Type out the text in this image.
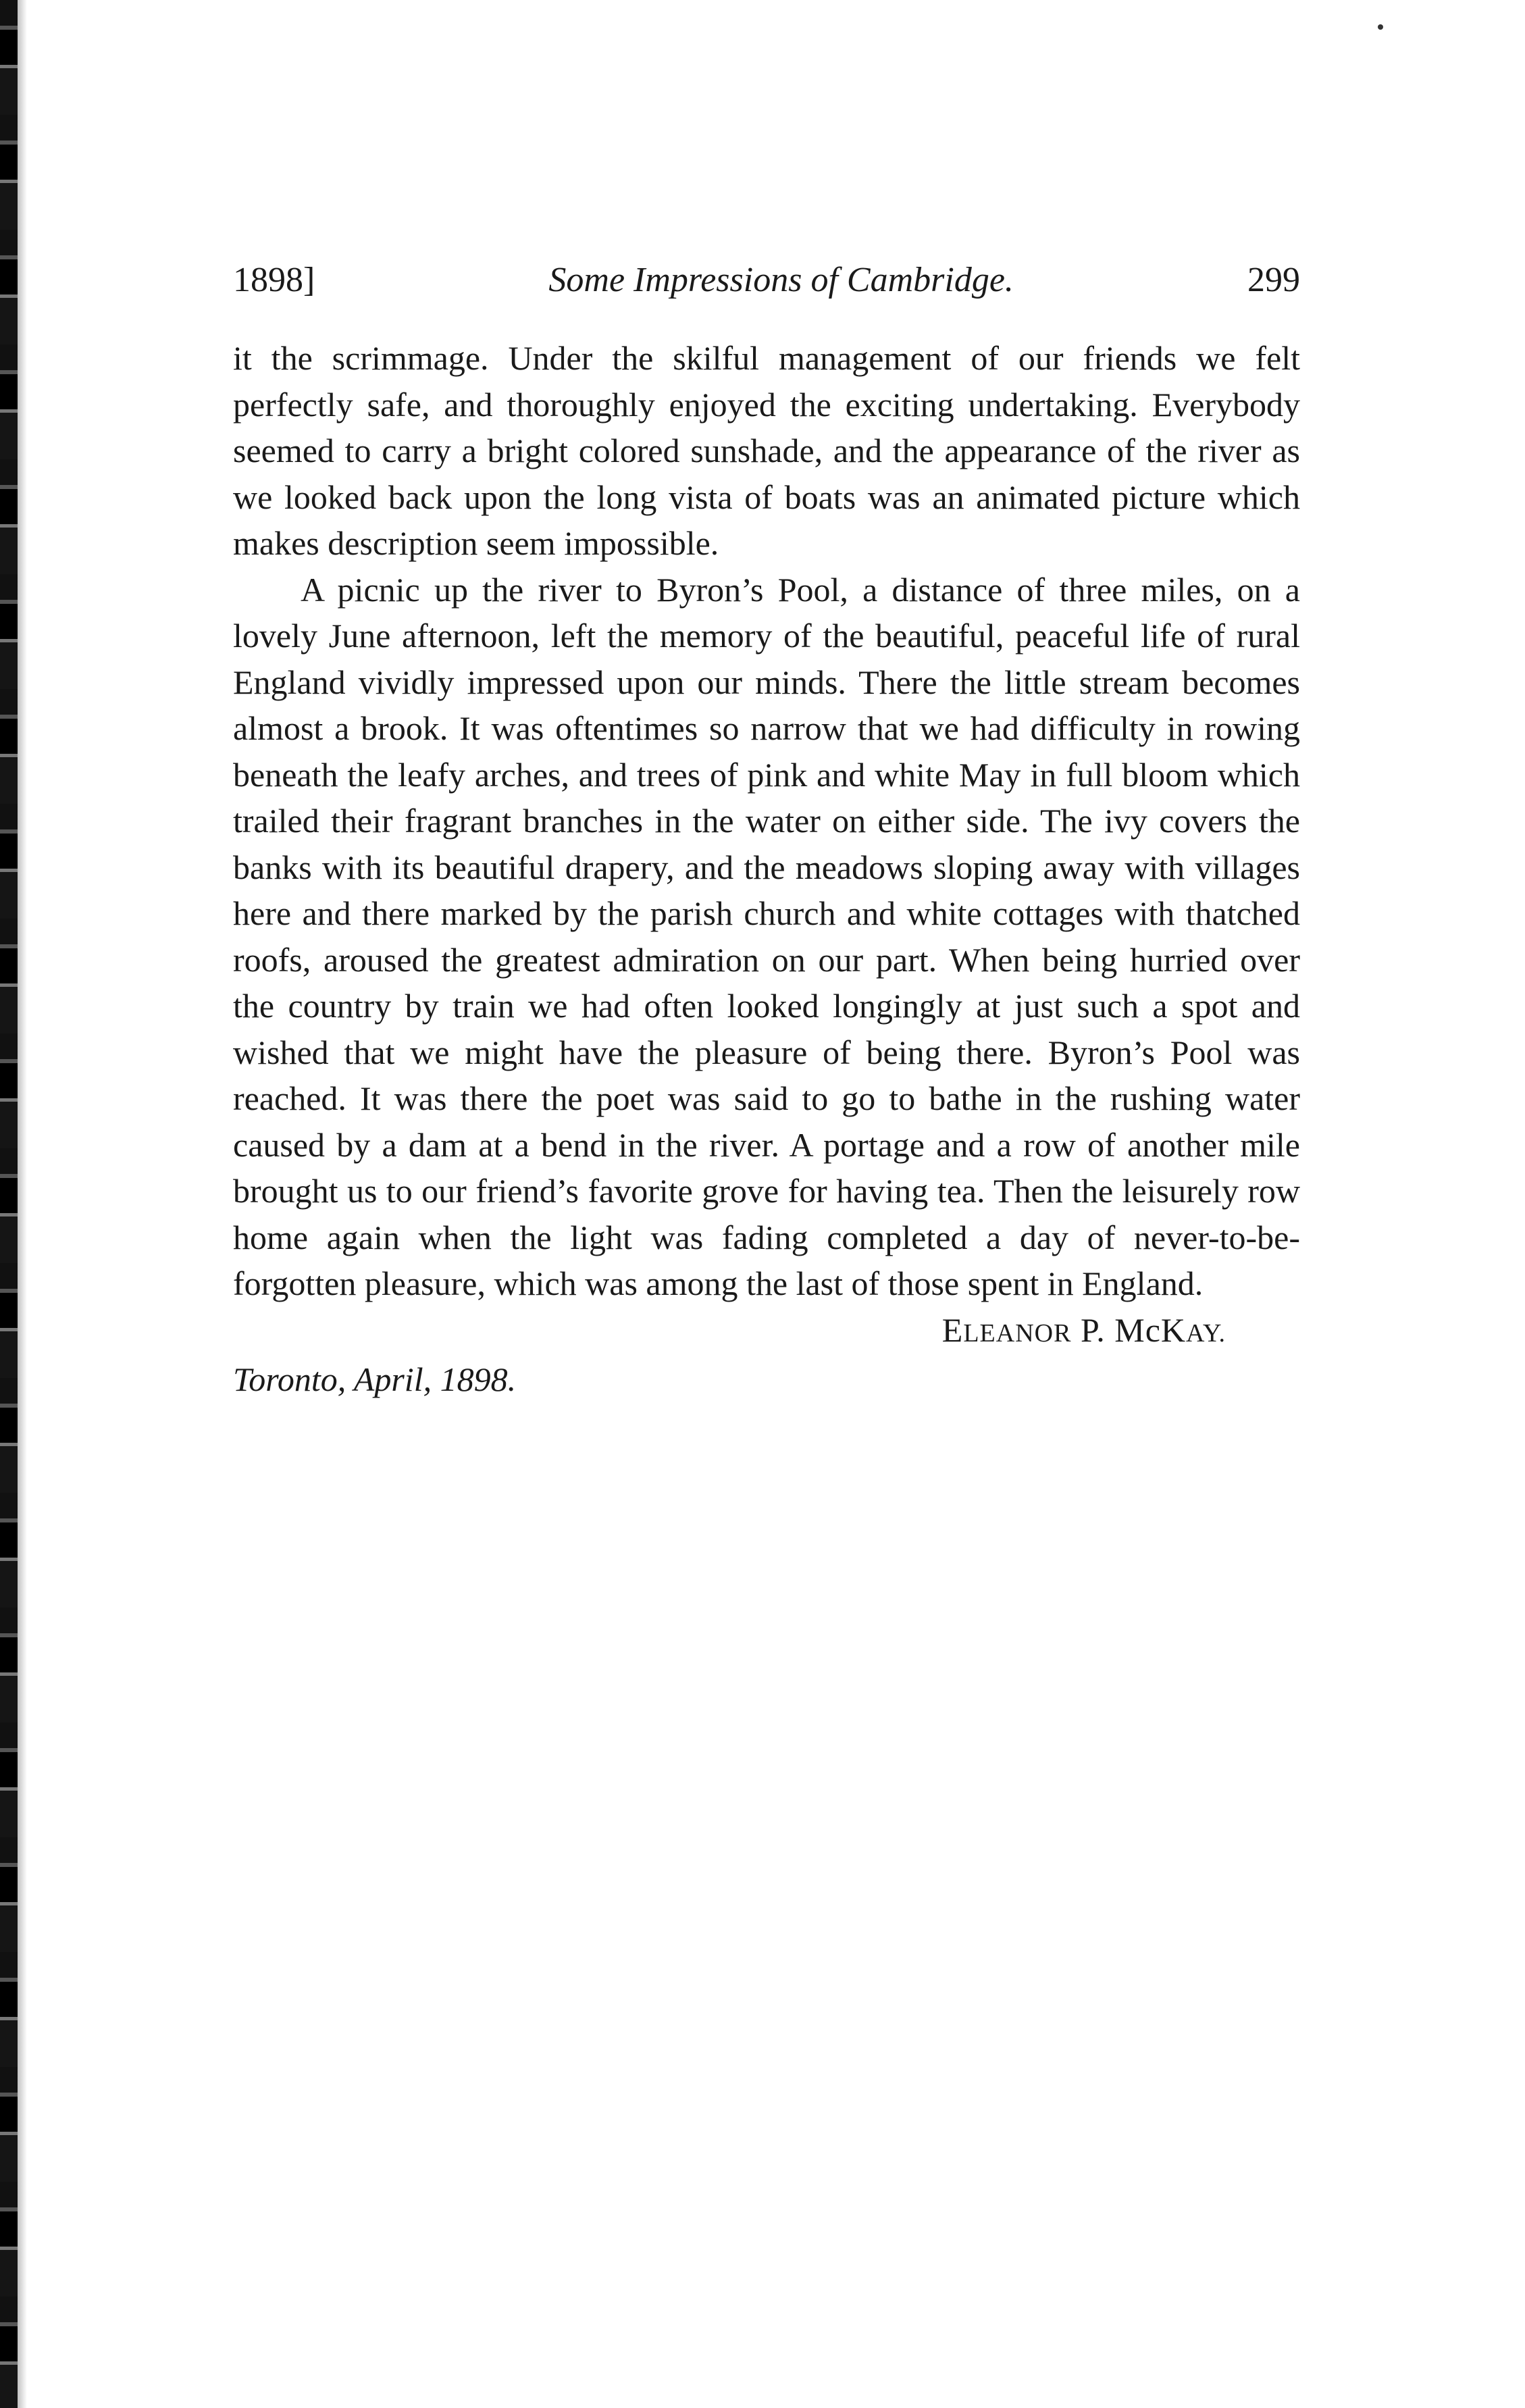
1898]	Some Impressions of Cambridge.	299

it the scrimmage. Under the skilful management of our friends we felt perfectly safe, and thoroughly enjoyed the exciting undertaking. Everybody seemed to carry a bright colored sunshade, and the appearance of the river as we looked back upon the long vista of boats was an animated picture which makes description seem impossible.

A picnic up the river to Byron’s Pool, a distance of three miles, on a lovely June afternoon, left the memory of the beautiful, peaceful life of rural England vividly impressed upon our minds. There the little stream becomes almost a brook. It was oftentimes so narrow that we had difficulty in rowing beneath the leafy arches, and trees of pink and white May in full bloom which trailed their fragrant branches in the water on either side. The ivy covers the banks with its beautiful drapery, and the meadows sloping away with villages here and there marked by the parish church and white cottages with thatched roofs, aroused the greatest admiration on our part. When being hurried over the country by train we had often looked longingly at just such a spot and wished that we might have the pleasure of being there. Byron’s Pool was reached. It was there the poet was said to go to bathe in the rushing water caused by a dam at a bend in the river. A portage and a row of another mile brought us to our friend’s favorite grove for having tea. Then the leisurely row home again when the light was fading completed a day of never-to-be-forgotten pleasure, which was among the last of those spent in England.

ELEANOR P. McKAY.
Toronto, April, 1898.
